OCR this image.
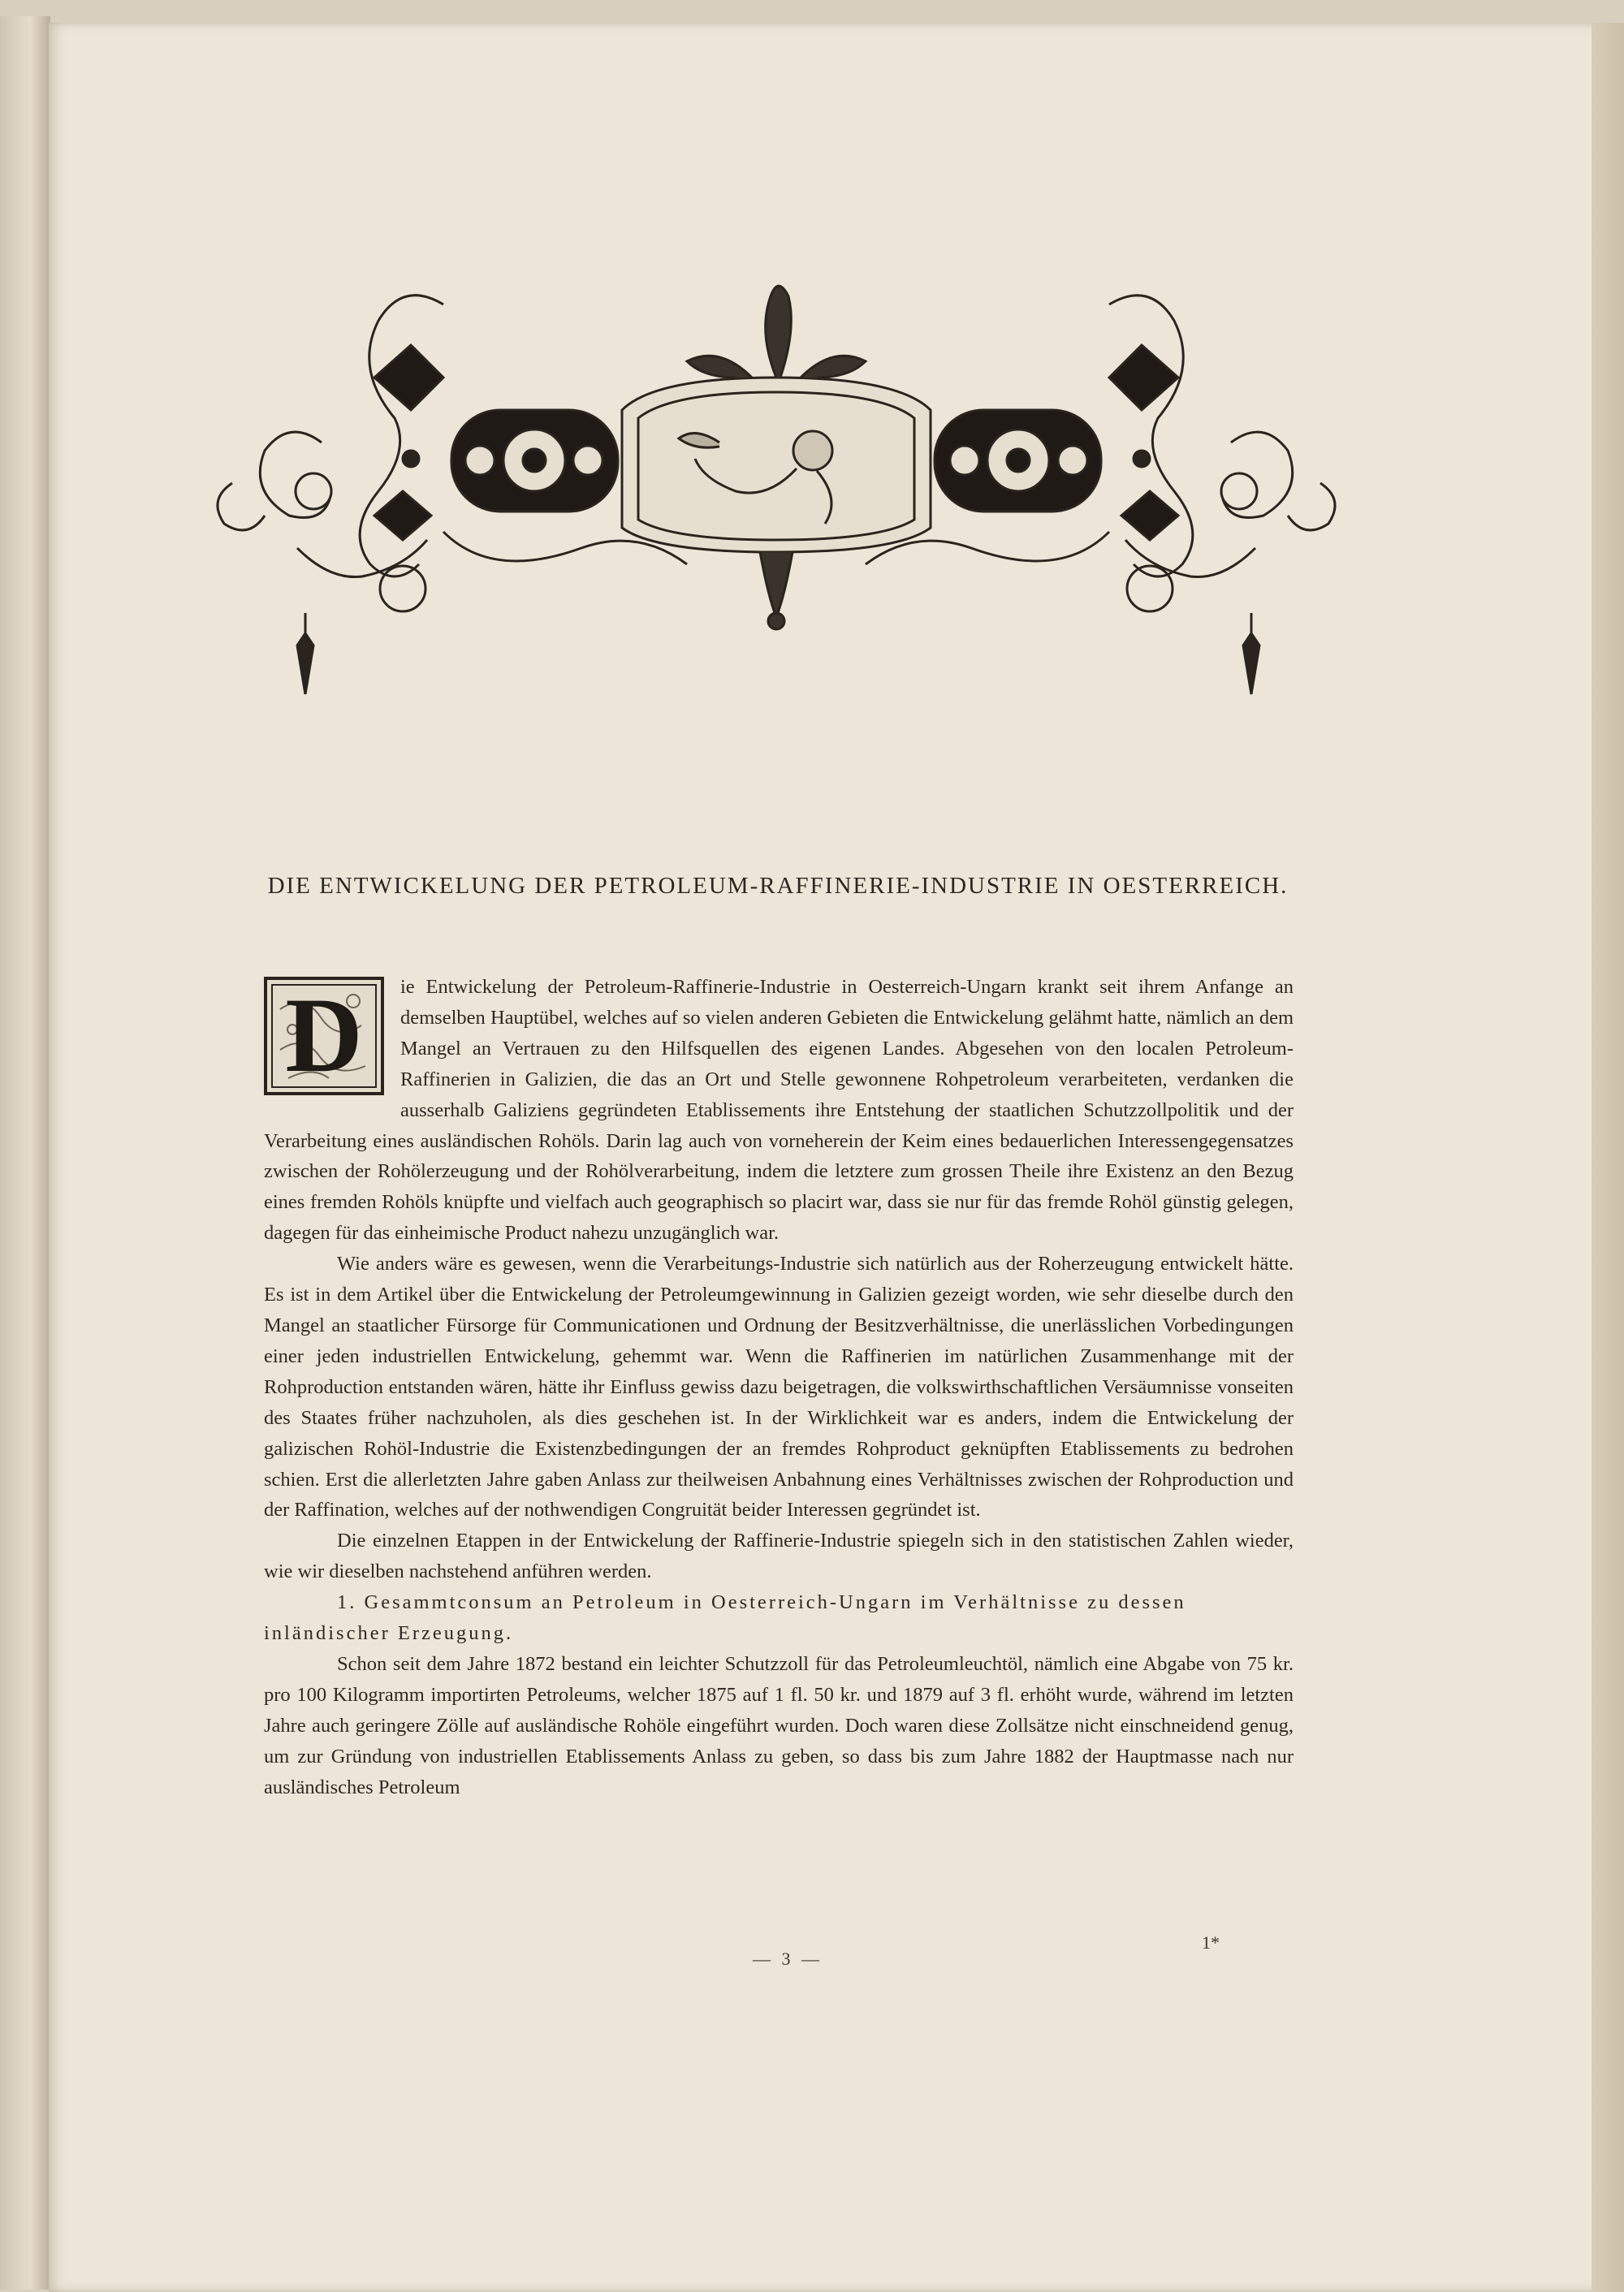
DIE ENTWICKELUNG DER PETROLEUM-RAFFINERIE-INDUSTRIE IN OESTERREICH.

D	ie Entwickelung der Petroleum-Raffinerie-Industrie in Oesterreich-Ungarn krankt seit ihrem Anfange an demselben Hauptübel, welches auf so vielen anderen Gebieten die Entwickelung gelähmt hatte, nämlich an dem Mangel an Vertrauen zu den Hilfsquellen des eigenen Landes. Abgesehen von den localen Petroleum-Raffinerien in Galizien, die das an Ort und Stelle gewonnene Rohpetroleum verarbeiteten, verdanken die ausserhalb Galiziens gegründeten Etablissements ihre Entstehung der staatlichen Schutzzollpolitik und der Verarbeitung eines ausländischen Rohöls. Darin lag auch von vorneherein der Keim eines bedauerlichen Interessengegensatzes zwischen der Rohölerzeugung und der Rohölverarbeitung, indem die letztere zum grossen Theile ihre Existenz an den Bezug eines fremden Rohöls knüpfte und vielfach auch geographisch so placirt war, dass sie nur für das fremde Rohöl günstig gelegen, dagegen für das einheimische Product nahezu unzugänglich war.

Wie anders wäre es gewesen, wenn die Verarbeitungs-Industrie sich natürlich aus der Roherzeugung entwickelt hätte. Es ist in dem Artikel über die Entwickelung der Petroleumgewinnung in Galizien gezeigt worden, wie sehr dieselbe durch den Mangel an staatlicher Fürsorge für Communicationen und Ordnung der Besitzverhältnisse, die unerlässlichen Vorbedingungen einer jeden industriellen Entwickelung, gehemmt war. Wenn die Raffinerien im natürlichen Zusammenhange mit der Rohproduction entstanden wären, hätte ihr Einfluss gewiss dazu beigetragen, die volkswirthschaftlichen Versäumnisse vonseiten des Staates früher nachzuholen, als dies geschehen ist. In der Wirklichkeit war es anders, indem die Entwickelung der galizischen Rohöl-Industrie die Existenzbedingungen der an fremdes Rohproduct geknüpften Etablissements zu bedrohen schien. Erst die allerletzten Jahre gaben Anlass zur theilweisen Anbahnung eines Verhältnisses zwischen der Rohproduction und der Raffination, welches auf der nothwendigen Congruität beider Interessen gegründet ist.

Die einzelnen Etappen in der Entwickelung der Raffinerie-Industrie spiegeln sich in den statistischen Zahlen wieder, wie wir dieselben nachstehend anführen werden.

1. Gesammtconsum an Petroleum in Oesterreich-Ungarn im Verhältnisse zu dessen inländischer Erzeugung.

Schon seit dem Jahre 1872 bestand ein leichter Schutzzoll für das Petroleumleuchtöl, nämlich eine Abgabe von 75 kr. pro 100 Kilogramm importirten Petroleums, welcher 1875 auf 1 fl. 50 kr. und 1879 auf 3 fl. erhöht wurde, während im letzten Jahre auch geringere Zölle auf ausländische Rohöle eingeführt wurden. Doch waren diese Zollsätze nicht einschneidend genug, um zur Gründung von industriellen Etablissements Anlass zu geben, so dass bis zum Jahre 1882 der Hauptmasse nach nur ausländisches Petroleum

— 3 —
1*
